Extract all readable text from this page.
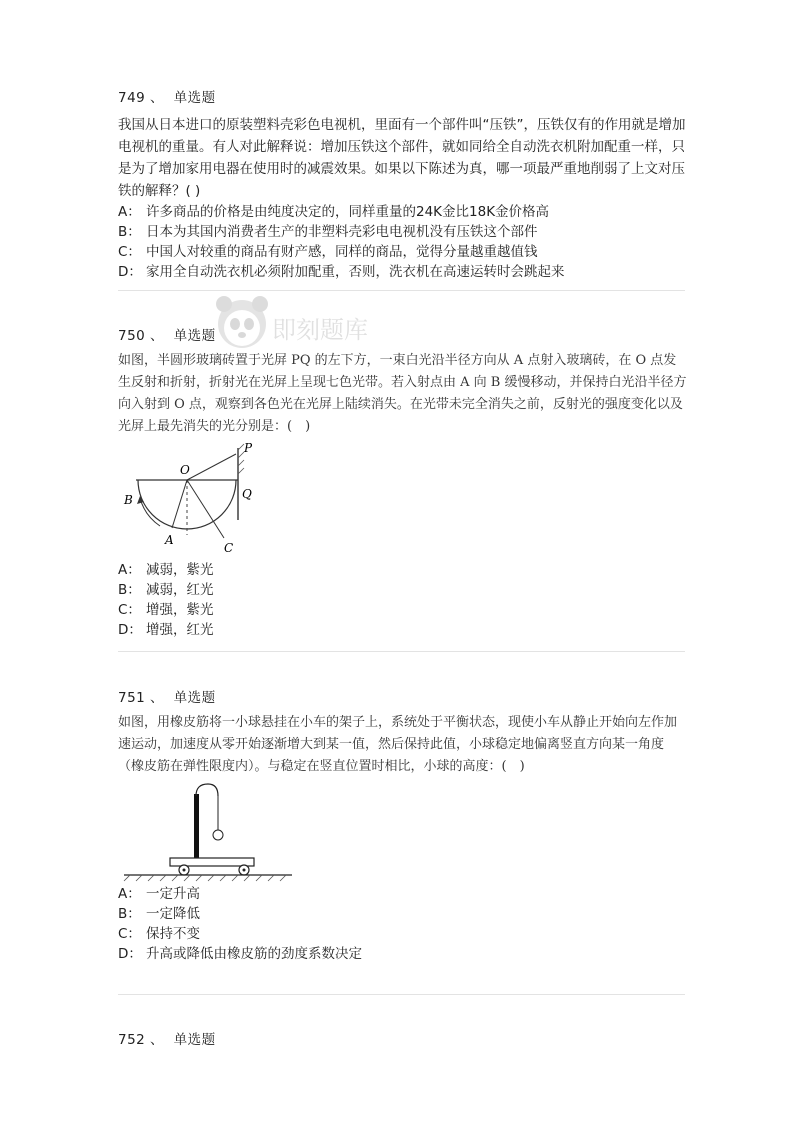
即刻题库
749 、 单选题
我国从日本进口的原装塑料壳彩色电视机，里面有一个部件叫“压铁”，压铁仅有的作用就是增加电视机的重量。有人对此解释说：增加压铁这个部件，就如同给全自动洗衣机附加配重一样，只是为了增加家用电器在使用时的减震效果。如果以下陈述为真，哪一项最严重地削弱了上文对压铁的解释？( )
A： 许多商品的价格是由纯度决定的，同样重量的24K金比18K金价格高
B： 日本为其国内消费者生产的非塑料壳彩电电视机没有压铁这个部件
C： 中国人对较重的商品有财产感，同样的商品，觉得分量越重越值钱
D： 家用全自动洗衣机必须附加配重，否则，洗衣机在高速运转时会跳起来
750 、 单选题
如图，半圆形玻璃砖置于光屏 PQ 的左下方，一束白光沿半径方向从 A 点射入玻璃砖，在 O 点发生反射和折射，折射光在光屏上呈现七色光带。若入射点由 A 向 B 缓慢移动，并保持白光沿半径方向入射到 O 点，观察到各色光在光屏上陆续消失。在光带未完全消失之前，反射光的强度变化以及光屏上最先消失的光分别是：(　)
O
P
Q
A
B
C
A： 减弱，紫光
B： 减弱，红光
C： 增强，紫光
D： 增强，红光
751 、 单选题
如图，用橡皮筋将一小球悬挂在小车的架子上，系统处于平衡状态，现使小车从静止开始向左作加速运动，加速度从零开始逐渐增大到某一值，然后保持此值，小球稳定地偏离竖直方向某一角度（橡皮筋在弹性限度内）。与稳定在竖直位置时相比，小球的高度：(　)
A： 一定升高
B： 一定降低
C： 保持不变
D： 升高或降低由橡皮筋的劲度系数决定
752 、 单选题
